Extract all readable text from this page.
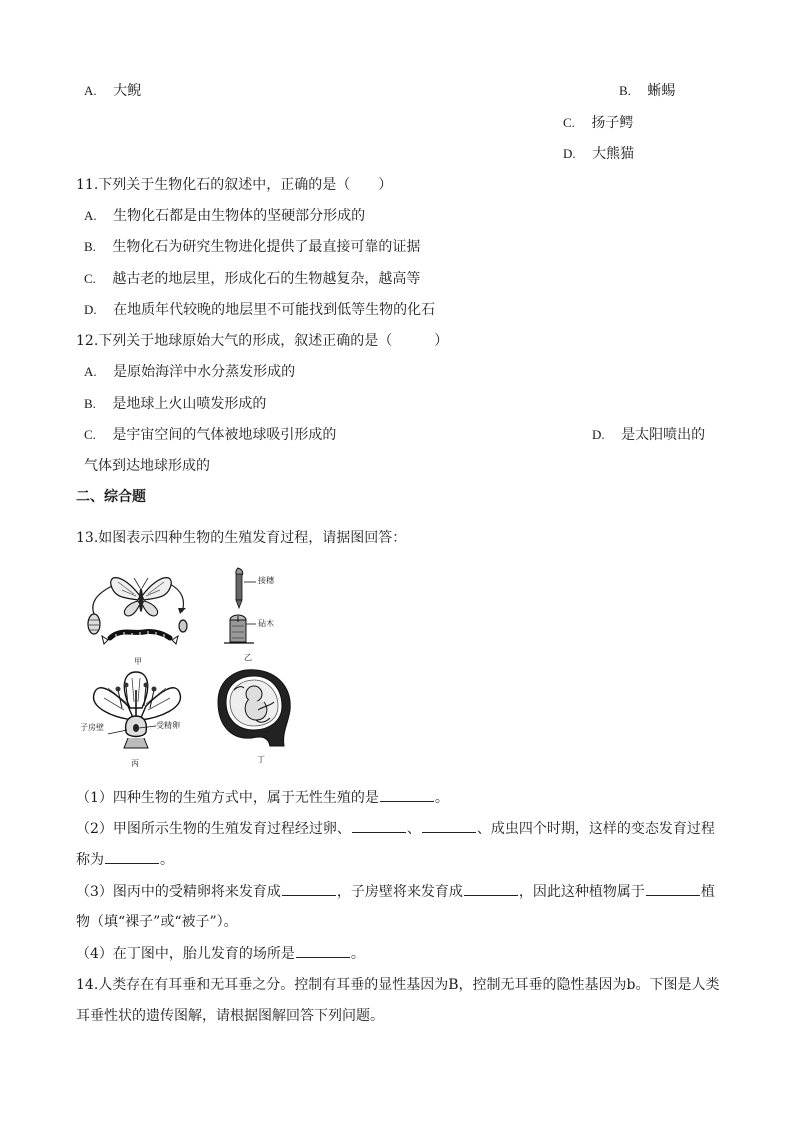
A. 大鲵	B. 蜥蜴
C. 扬子鳄
D. 大熊猫
11.下列关于生物化石的叙述中，正确的是（　　）
A. 生物化石都是由生物体的坚硬部分形成的
B. 生物化石为研究生物进化提供了最直接可靠的证据
C. 越古老的地层里，形成化石的生物越复杂，越高等
D. 在地质年代较晚的地层里不可能找到低等生物的化石
12.下列关于地球原始大气的形成，叙述正确的是（　　　）
A. 是原始海洋中水分蒸发形成的
B. 是地球上火山喷发形成的
C. 是宇宙空间的气体被地球吸引形成的	D. 是太阳喷出的
气体到达地球形成的
二、综合题
13.如图表示四种生物的生殖发育过程，请据图回答：
甲
接穗
砧木
乙
子房壁	受精卵
丙	丁
（1）四种生物的生殖方式中，属于无性生殖的是	。
（2）甲图所示生物的生殖发育过程经过卵、	、	、成虫四个时期，这样的变态发育过程
称为	。
（3）图丙中的受精卵将来发育成	，子房壁将来发育成	，因此这种植物属于	植
物（填“裸子”或“被子”）。
（4）在丁图中，胎儿发育的场所是	。
14.人类存在有耳垂和无耳垂之分。控制有耳垂的显性基因为B，控制无耳垂的隐性基因为b。下图是人类
耳垂性状的遗传图解，请根据图解回答下列问题。
